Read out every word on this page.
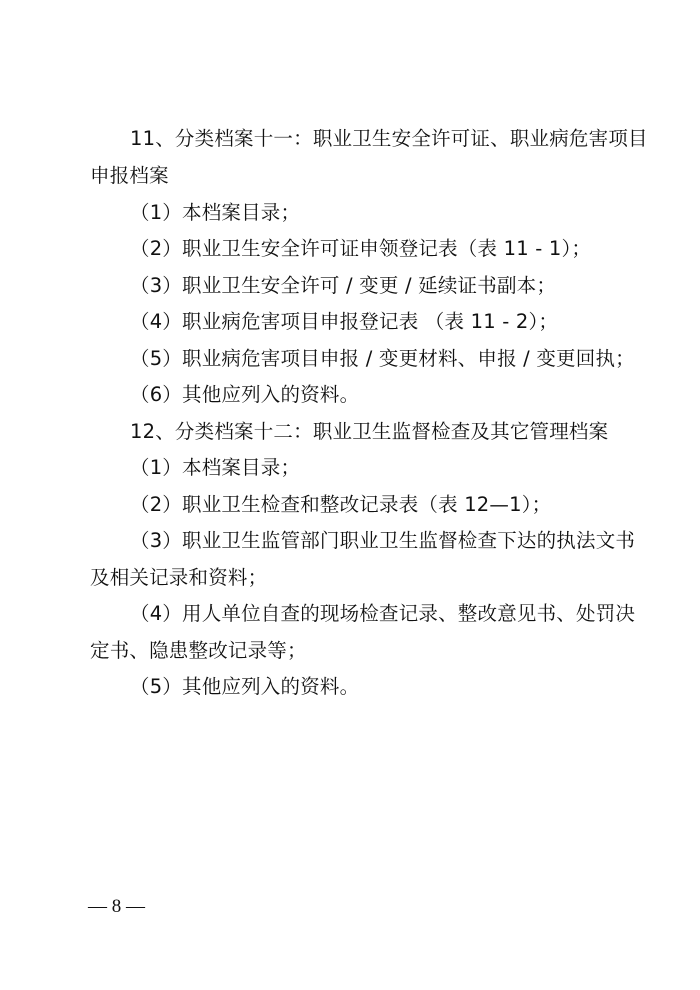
11、分类档案十一：职业卫生安全许可证、职业病危害项目
申报档案
（1）本档案目录；
（2）职业卫生安全许可证申领登记表（表 11 - 1）；
（3）职业卫生安全许可 / 变更 / 延续证书副本；
（4）职业病危害项目申报登记表 （表 11 - 2）；
（5）职业病危害项目申报 / 变更材料、申报 / 变更回执；
（6）其他应列入的资料。
12、分类档案十二：职业卫生监督检查及其它管理档案
（1）本档案目录；
（2）职业卫生检查和整改记录表（表 12—1）；
（3）职业卫生监管部门职业卫生监督检查下达的执法文书
及相关记录和资料；
（4）用人单位自查的现场检查记录、整改意见书、处罚决
定书、隐患整改记录等；
（5）其他应列入的资料。
— 8 —
